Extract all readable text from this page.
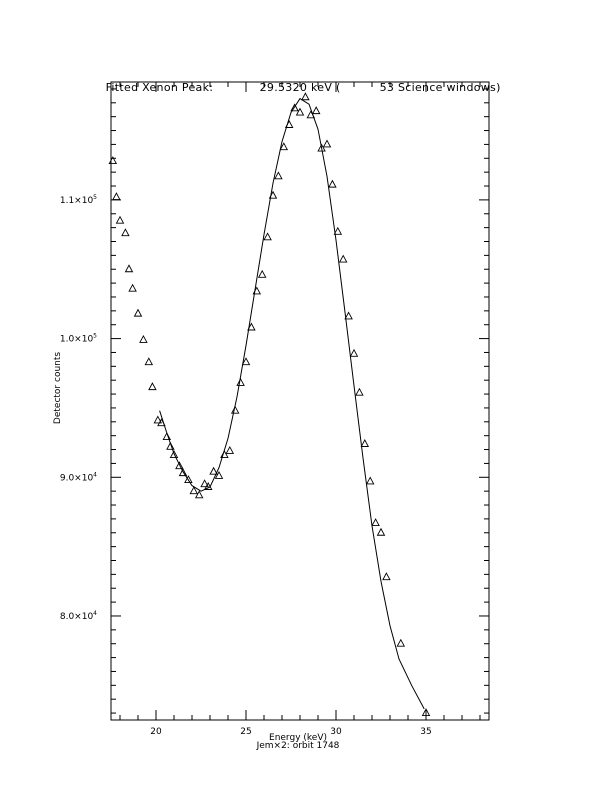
Fitted Xenon Peak:	29.5320 keV (	53 Science windows)

20	25	30	35
$8.0\times 10^4$
$9.0\times 10^4$
$1.0\times 10^5$
$1.1\times 10^5$
Detector counts
Energy (keV)
Jem×2: orbit 1748
